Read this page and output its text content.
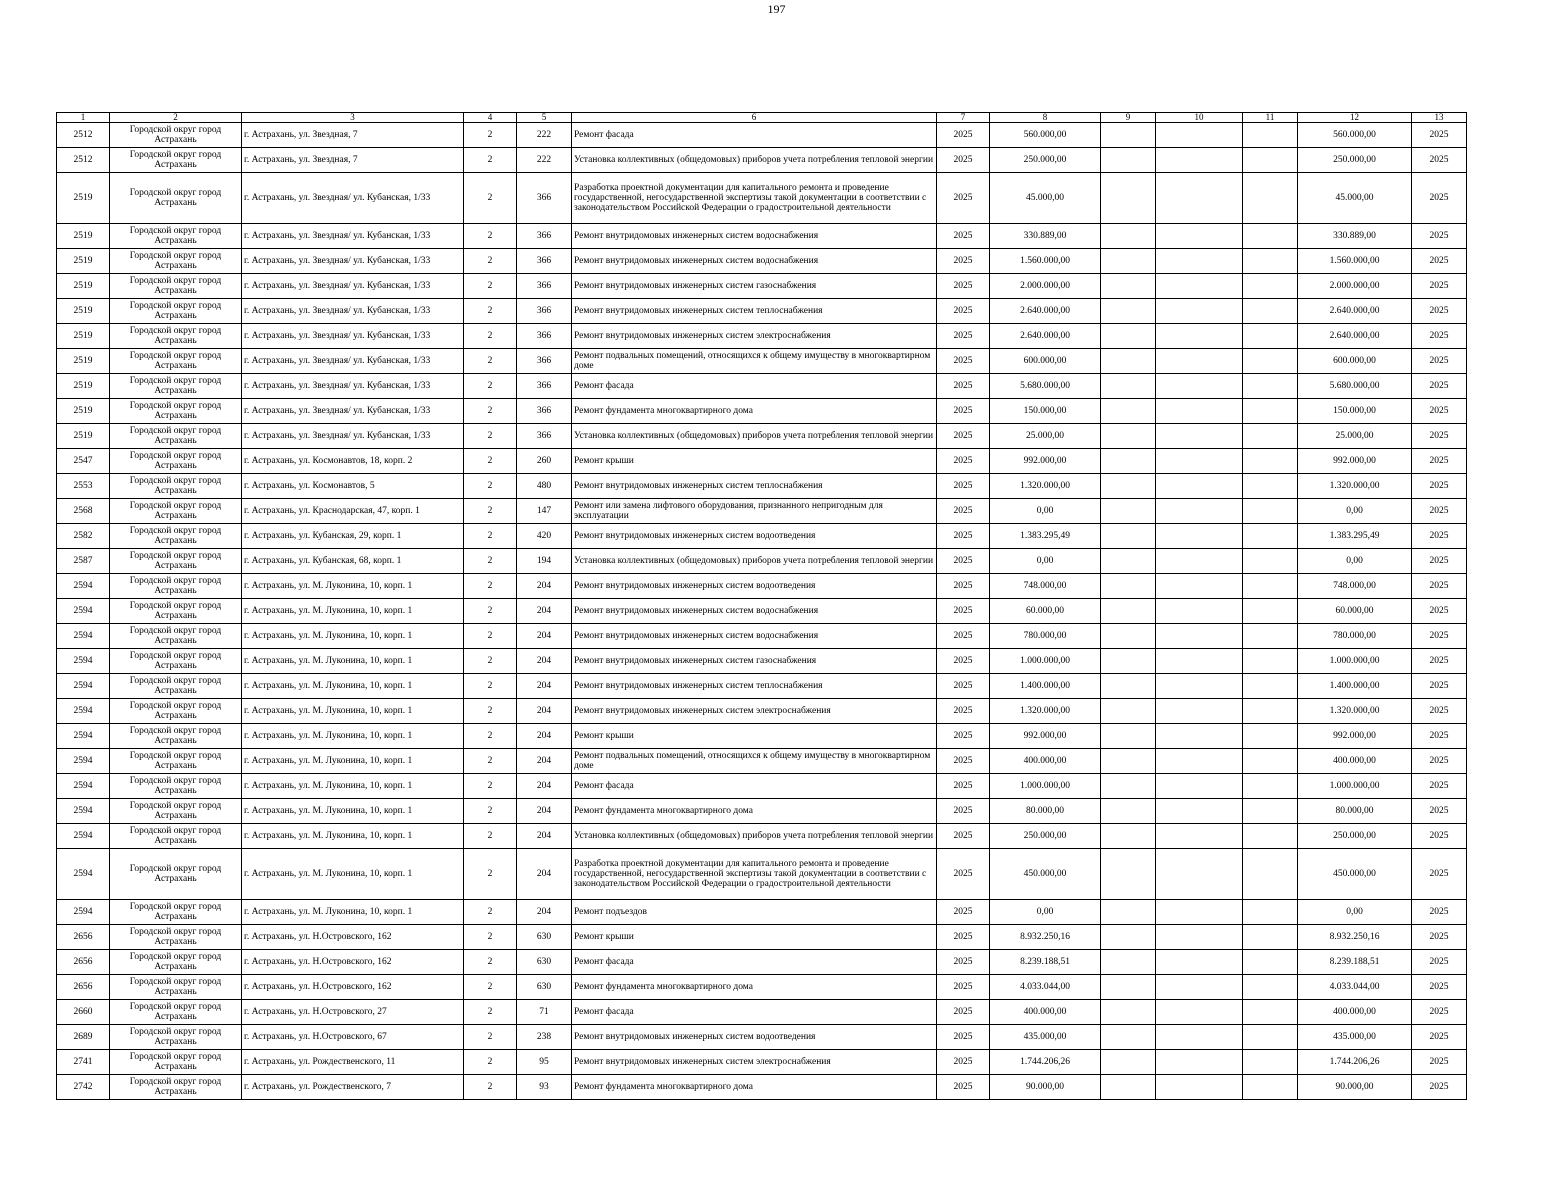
197
1	2	3	4	5	6	7	8	9	10	11	12	13
2512	Городской округ город Астрахань	г. Астрахань, ул. Звездная, 7	2	222	Ремонт фасада	2025	560.000,00				560.000,00	2025
2512	Городской округ город Астрахань	г. Астрахань, ул. Звездная, 7	2	222	Установка коллективных (общедомовых) приборов учета потребления тепловой энергии	2025	250.000,00				250.000,00	2025
2519	Городской округ город Астрахань	г. Астрахань, ул. Звездная/ ул. Кубанская, 1/33	2	366	Разработка проектной документации для капитального ремонта и проведение государственной, негосударственной экспертизы такой документации в соответствии с законодательством Российской Федерации о градостроительной деятельности	2025	45.000,00				45.000,00	2025
2519	Городской округ город Астрахань	г. Астрахань, ул. Звездная/ ул. Кубанская, 1/33	2	366	Ремонт внутридомовых инженерных систем водоснабжения	2025	330.889,00				330.889,00	2025
2519	Городской округ город Астрахань	г. Астрахань, ул. Звездная/ ул. Кубанская, 1/33	2	366	Ремонт внутридомовых инженерных систем водоснабжения	2025	1.560.000,00				1.560.000,00	2025
2519	Городской округ город Астрахань	г. Астрахань, ул. Звездная/ ул. Кубанская, 1/33	2	366	Ремонт внутридомовых инженерных систем газоснабжения	2025	2.000.000,00				2.000.000,00	2025
2519	Городской округ город Астрахань	г. Астрахань, ул. Звездная/ ул. Кубанская, 1/33	2	366	Ремонт внутридомовых инженерных систем теплоснабжения	2025	2.640.000,00				2.640.000,00	2025
2519	Городской округ город Астрахань	г. Астрахань, ул. Звездная/ ул. Кубанская, 1/33	2	366	Ремонт внутридомовых инженерных систем электроснабжения	2025	2.640.000,00				2.640.000,00	2025
2519	Городской округ город Астрахань	г. Астрахань, ул. Звездная/ ул. Кубанская, 1/33	2	366	Ремонт подвальных помещений, относящихся к общему имуществу в многоквартирном доме	2025	600.000,00				600.000,00	2025
2519	Городской округ город Астрахань	г. Астрахань, ул. Звездная/ ул. Кубанская, 1/33	2	366	Ремонт фасада	2025	5.680.000,00				5.680.000,00	2025
2519	Городской округ город Астрахань	г. Астрахань, ул. Звездная/ ул. Кубанская, 1/33	2	366	Ремонт фундамента многоквартирного дома	2025	150.000,00				150.000,00	2025
2519	Городской округ город Астрахань	г. Астрахань, ул. Звездная/ ул. Кубанская, 1/33	2	366	Установка коллективных (общедомовых) приборов учета потребления тепловой энергии	2025	25.000,00				25.000,00	2025
2547	Городской округ город Астрахань	г. Астрахань, ул. Космонавтов, 18, корп. 2	2	260	Ремонт крыши	2025	992.000,00				992.000,00	2025
2553	Городской округ город Астрахань	г. Астрахань, ул. Космонавтов, 5	2	480	Ремонт внутридомовых инженерных систем теплоснабжения	2025	1.320.000,00				1.320.000,00	2025
2568	Городской округ город Астрахань	г. Астрахань, ул. Краснодарская, 47, корп. 1	2	147	Ремонт или замена лифтового оборудования, признанного непригодным для эксплуатации	2025	0,00				0,00	2025
2582	Городской округ город Астрахань	г. Астрахань, ул. Кубанская, 29, корп. 1	2	420	Ремонт внутридомовых инженерных систем водоотведения	2025	1.383.295,49				1.383.295,49	2025
2587	Городской округ город Астрахань	г. Астрахань, ул. Кубанская, 68, корп. 1	2	194	Установка коллективных (общедомовых) приборов учета потребления тепловой энергии	2025	0,00				0,00	2025
2594	Городской округ город Астрахань	г. Астрахань, ул. М. Луконина, 10, корп. 1	2	204	Ремонт внутридомовых инженерных систем водоотведения	2025	748.000,00				748.000,00	2025
2594	Городской округ город Астрахань	г. Астрахань, ул. М. Луконина, 10, корп. 1	2	204	Ремонт внутридомовых инженерных систем водоснабжения	2025	60.000,00				60.000,00	2025
2594	Городской округ город Астрахань	г. Астрахань, ул. М. Луконина, 10, корп. 1	2	204	Ремонт внутридомовых инженерных систем водоснабжения	2025	780.000,00				780.000,00	2025
2594	Городской округ город Астрахань	г. Астрахань, ул. М. Луконина, 10, корп. 1	2	204	Ремонт внутридомовых инженерных систем газоснабжения	2025	1.000.000,00				1.000.000,00	2025
2594	Городской округ город Астрахань	г. Астрахань, ул. М. Луконина, 10, корп. 1	2	204	Ремонт внутридомовых инженерных систем теплоснабжения	2025	1.400.000,00				1.400.000,00	2025
2594	Городской округ город Астрахань	г. Астрахань, ул. М. Луконина, 10, корп. 1	2	204	Ремонт внутридомовых инженерных систем электроснабжения	2025	1.320.000,00				1.320.000,00	2025
2594	Городской округ город Астрахань	г. Астрахань, ул. М. Луконина, 10, корп. 1	2	204	Ремонт крыши	2025	992.000,00				992.000,00	2025
2594	Городской округ город Астрахань	г. Астрахань, ул. М. Луконина, 10, корп. 1	2	204	Ремонт подвальных помещений, относящихся к общему имуществу в многоквартирном доме	2025	400.000,00				400.000,00	2025
2594	Городской округ город Астрахань	г. Астрахань, ул. М. Луконина, 10, корп. 1	2	204	Ремонт фасада	2025	1.000.000,00				1.000.000,00	2025
2594	Городской округ город Астрахань	г. Астрахань, ул. М. Луконина, 10, корп. 1	2	204	Ремонт фундамента многоквартирного дома	2025	80.000,00				80.000,00	2025
2594	Городской округ город Астрахань	г. Астрахань, ул. М. Луконина, 10, корп. 1	2	204	Установка коллективных (общедомовых) приборов учета потребления тепловой энергии	2025	250.000,00				250.000,00	2025
2594	Городской округ город Астрахань	г. Астрахань, ул. М. Луконина, 10, корп. 1	2	204	Разработка проектной документации для капитального ремонта и проведение государственной, негосударственной экспертизы такой документации в соответствии с законодательством Российской Федерации о градостроительной деятельности	2025	450.000,00				450.000,00	2025
2594	Городской округ город Астрахань	г. Астрахань, ул. М. Луконина, 10, корп. 1	2	204	Ремонт подъездов	2025	0,00				0,00	2025
2656	Городской округ город Астрахань	г. Астрахань, ул. Н.Островского, 162	2	630	Ремонт крыши	2025	8.932.250,16				8.932.250,16	2025
2656	Городской округ город Астрахань	г. Астрахань, ул. Н.Островского, 162	2	630	Ремонт фасада	2025	8.239.188,51				8.239.188,51	2025
2656	Городской округ город Астрахань	г. Астрахань, ул. Н.Островского, 162	2	630	Ремонт фундамента многоквартирного дома	2025	4.033.044,00				4.033.044,00	2025
2660	Городской округ город Астрахань	г. Астрахань, ул. Н.Островского, 27	2	71	Ремонт фасада	2025	400.000,00				400.000,00	2025
2689	Городской округ город Астрахань	г. Астрахань, ул. Н.Островского, 67	2	238	Ремонт внутридомовых инженерных систем водоотведения	2025	435.000,00				435.000,00	2025
2741	Городской округ город Астрахань	г. Астрахань, ул. Рождественского, 11	2	95	Ремонт внутридомовых инженерных систем электроснабжения	2025	1.744.206,26				1.744.206,26	2025
2742	Городской округ город Астрахань	г. Астрахань, ул. Рождественского, 7	2	93	Ремонт фундамента многоквартирного дома	2025	90.000,00				90.000,00	2025
